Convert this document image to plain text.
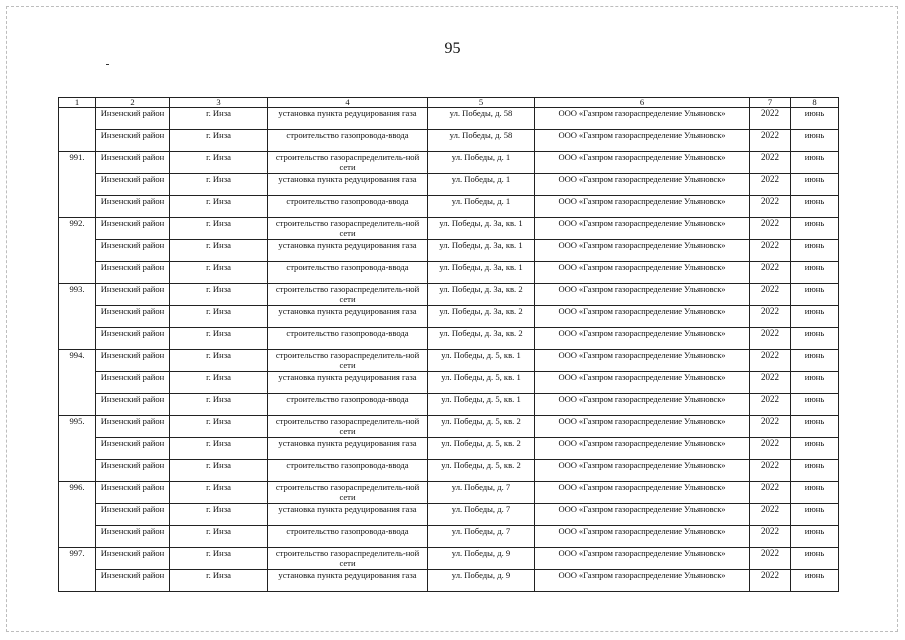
95
1	2	3	4	5	6	7	8
	Инзенский район	г. Инза	установка пункта редуцирования газа	ул. Победы, д. 58	ООО «Газпром газораспределение Ульяновск»	2022	июнь
	Инзенский район	г. Инза	строительство газопровода-ввода	ул. Победы, д. 58	ООО «Газпром газораспределение Ульяновск»	2022	июнь
991.	Инзенский район	г. Инза	строительство газораспределитель-ной сети	ул. Победы, д. 1	ООО «Газпром газораспределение Ульяновск»	2022	июнь
	Инзенский район	г. Инза	установка пункта редуцирования газа	ул. Победы, д. 1	ООО «Газпром газораспределение Ульяновск»	2022	июнь
	Инзенский район	г. Инза	строительство газопровода-ввода	ул. Победы, д. 1	ООО «Газпром газораспределение Ульяновск»	2022	июнь
992.	Инзенский район	г. Инза	строительство газораспределитель-ной сети	ул. Победы, д. 3а, кв. 1	ООО «Газпром газораспределение Ульяновск»	2022	июнь
	Инзенский район	г. Инза	установка пункта редуцирования газа	ул. Победы, д. 3а, кв. 1	ООО «Газпром газораспределение Ульяновск»	2022	июнь
	Инзенский район	г. Инза	строительство газопровода-ввода	ул. Победы, д. 3а, кв. 1	ООО «Газпром газораспределение Ульяновск»	2022	июнь
993.	Инзенский район	г. Инза	строительство газораспределитель-ной сети	ул. Победы, д. 3а, кв. 2	ООО «Газпром газораспределение Ульяновск»	2022	июнь
	Инзенский район	г. Инза	установка пункта редуцирования газа	ул. Победы, д. 3а, кв. 2	ООО «Газпром газораспределение Ульяновск»	2022	июнь
	Инзенский район	г. Инза	строительство газопровода-ввода	ул. Победы, д. 3а, кв. 2	ООО «Газпром газораспределение Ульяновск»	2022	июнь
994.	Инзенский район	г. Инза	строительство газораспределитель-ной сети	ул. Победы, д. 5, кв. 1	ООО «Газпром газораспределение Ульяновск»	2022	июнь
	Инзенский район	г. Инза	установка пункта редуцирования газа	ул. Победы, д. 5, кв. 1	ООО «Газпром газораспределение Ульяновск»	2022	июнь
	Инзенский район	г. Инза	строительство газопровода-ввода	ул. Победы, д. 5, кв. 1	ООО «Газпром газораспределение Ульяновск»	2022	июнь
995.	Инзенский район	г. Инза	строительство газораспределитель-ной сети	ул. Победы, д. 5, кв. 2	ООО «Газпром газораспределение Ульяновск»	2022	июнь
	Инзенский район	г. Инза	установка пункта редуцирования газа	ул. Победы, д. 5, кв. 2	ООО «Газпром газораспределение Ульяновск»	2022	июнь
	Инзенский район	г. Инза	строительство газопровода-ввода	ул. Победы, д. 5, кв. 2	ООО «Газпром газораспределение Ульяновск»	2022	июнь
996.	Инзенский район	г. Инза	строительство газораспределитель-ной сети	ул. Победы, д. 7	ООО «Газпром газораспределение Ульяновск»	2022	июнь
	Инзенский район	г. Инза	установка пункта редуцирования газа	ул. Победы, д. 7	ООО «Газпром газораспределение Ульяновск»	2022	июнь
	Инзенский район	г. Инза	строительство газопровода-ввода	ул. Победы, д. 7	ООО «Газпром газораспределение Ульяновск»	2022	июнь
997.	Инзенский район	г. Инза	строительство газораспределитель-ной сети	ул. Победы, д. 9	ООО «Газпром газораспределение Ульяновск»	2022	июнь
	Инзенский район	г. Инза	установка пункта редуцирования газа	ул. Победы, д. 9	ООО «Газпром газораспределение Ульяновск»	2022	июнь
